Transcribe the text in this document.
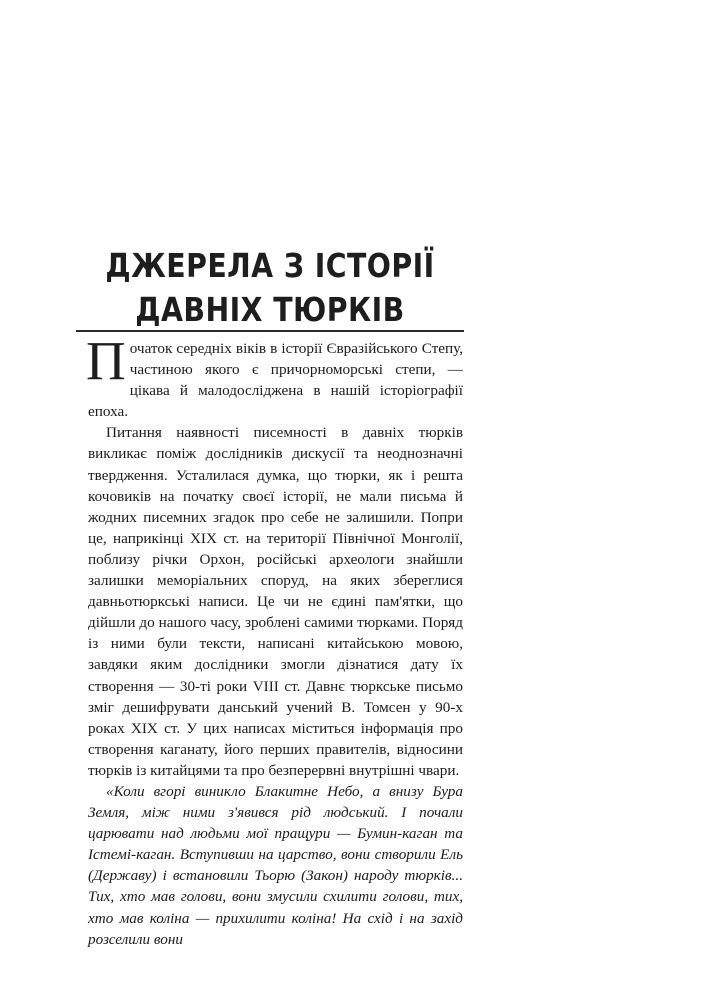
ДЖЕРЕЛА З ІСТОРІЇ
ДАВНІХ ТЮРКІВ

Початок середніх віків в історії Євразійського Степу, частиною якого є причорноморські степи, — цікава й малодосліджена в нашій історіографії епоха.

Питання наявності писемності в давніх тюрків викликає поміж дослідників дискусії та неоднозначні твердження. Усталилася думка, що тюрки, як і решта кочовиків на початку своєї історії, не мали письма й жодних писемних згадок про себе не залишили. Попри це, наприкінці XIX ст. на території Північної Монголії, поблизу річки Орхон, російські археологи знайшли залишки меморіальних споруд, на яких збереглися давньотюркські написи. Це чи не єдині пам'ятки, що дійшли до нашого часу, зроблені самими тюрками. Поряд із ними були тексти, написані китайською мовою, завдяки яким дослідники змогли дізнатися дату їх створення — 30-ті роки VIII ст. Давнє тюркське письмо зміг дешифрувати данський учений В. Томсен у 90-х роках XIX ст. У цих написах міститься інформація про створення каганату, його перших правителів, відносини тюрків із китайцями та про безперервні внутрішні чвари.

«Коли вгорі виникло Блакитне Небо, а внизу Бура Земля, між ними з'явився рід людський. І почали царювати над людьми мої пращури — Бумин-каган та Істемі-каган. Вступивши на царство, вони створили Ель (Державу) і встановили Тьорю (Закон) народу тюрків... Тих, хто мав голови, вони змусили схилити голови, тих, хто мав коліна — прихилити коліна! На схід і на захід розселили вони
